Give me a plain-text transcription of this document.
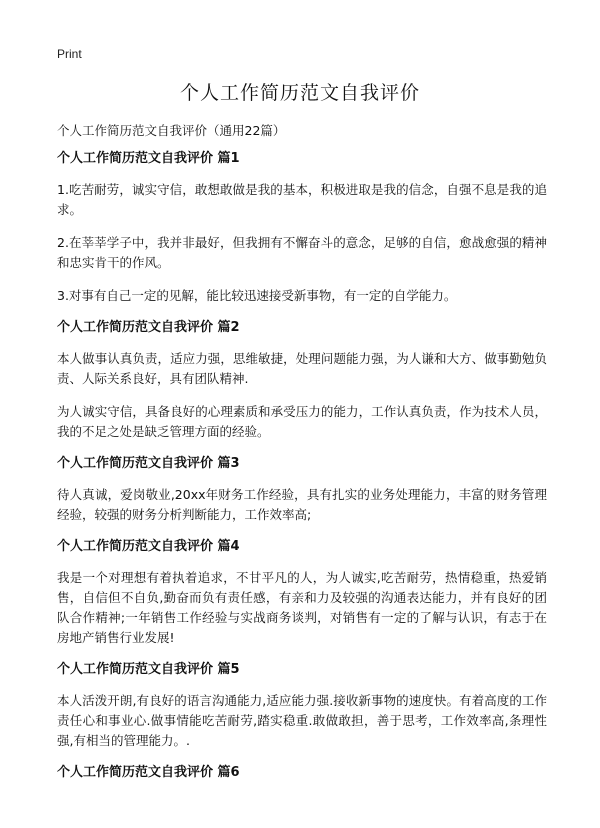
Print
个人工作简历范文自我评价

个人工作简历范文自我评价（通用22篇）

个人工作简历范文自我评价 篇1

1.吃苦耐劳，诚实守信，敢想敢做是我的基本，积极进取是我的信念，自强不息是我的追求。

2.在莘莘学子中，我并非最好，但我拥有不懈奋斗的意念，足够的自信，愈战愈强的精神和忠实肯干的作风。

3.对事有自己一定的见解，能比较迅速接受新事物，有一定的自学能力。

个人工作简历范文自我评价 篇2

本人做事认真负责，适应力强，思维敏捷，处理问题能力强，为人谦和大方、做事勤勉负责、人际关系良好，具有团队精神.

为人诚实守信，具备良好的心理素质和承受压力的能力，工作认真负责，作为技术人员，我的不足之处是缺乏管理方面的经验。

个人工作简历范文自我评价 篇3

待人真诚，爱岗敬业,20xx年财务工作经验，具有扎实的业务处理能力，丰富的财务管理经验，较强的财务分析判断能力，工作效率高;

个人工作简历范文自我评价 篇4

我是一个对理想有着执着追求，不甘平凡的人，为人诚实,吃苦耐劳，热情稳重，热爱销售，自信但不自负,勤奋而负有责任感，有亲和力及较强的沟通表达能力，并有良好的团队合作精神;一年销售工作经验与实战商务谈判，对销售有一定的了解与认识，有志于在房地产销售行业发展!

个人工作简历范文自我评价 篇5

本人活泼开朗,有良好的语言沟通能力,适应能力强.接收新事物的速度快。有着高度的工作责任心和事业心.做事情能吃苦耐劳,踏实稳重.敢做敢担，善于思考，工作效率高,条理性强,有相当的管理能力。.

个人工作简历范文自我评价 篇6
